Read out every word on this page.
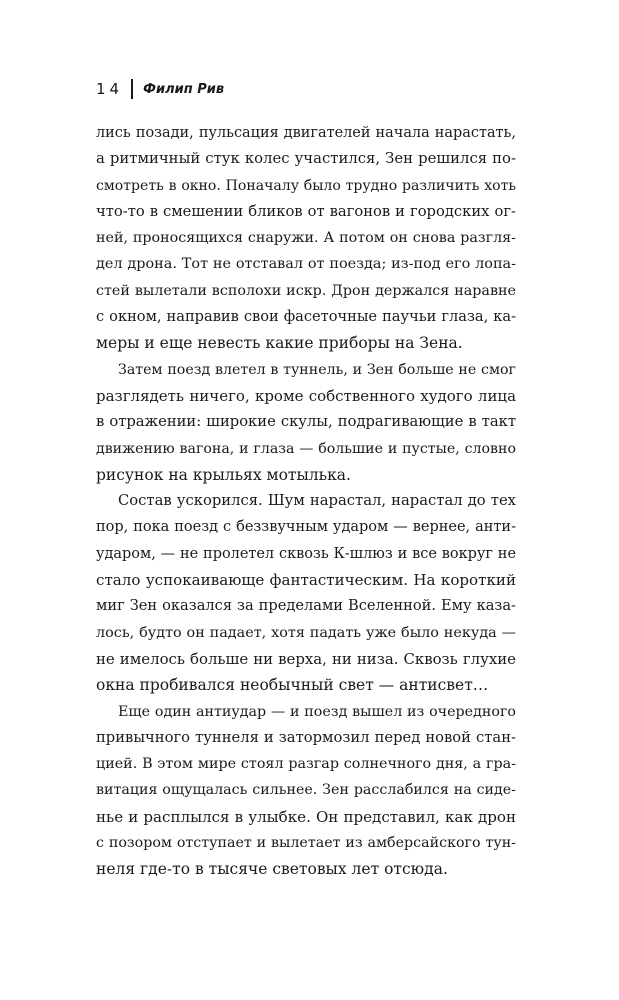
14 Филип Рив
лись позади, пульсация двигателей начала нарастать,
а ритмичный стук колес участился, Зен решился по-
смотреть в окно. Поначалу было трудно различить хоть
что-то в смешении бликов от вагонов и городских ог-
ней, проносящихся снаружи. А потом он снова разгля-
дел дрона. Тот не отставал от поезда; из-под его лопа-
стей вылетали всполохи искр. Дрон держался наравне
с окном, направив свои фасеточные паучьи глаза, ка-
меры и еще невесть какие приборы на Зена.
Затем поезд влетел в туннель, и Зен больше не смог
разглядеть ничего, кроме собственного худого лица
в отражении: широкие скулы, подрагивающие в такт
движению вагона, и глаза — большие и пустые, словно
рисунок на крыльях мотылька.
Состав ускорился. Шум нарастал, нарастал до тех
пор, пока поезд с беззвучным ударом — вернее, анти-
ударом, — не пролетел сквозь К-шлюз и все вокруг не
стало успокаивающе фантастическим. На короткий
миг Зен оказался за пределами Вселенной. Ему каза-
лось, будто он падает, хотя падать уже было некуда —
не имелось больше ни верха, ни низа. Сквозь глухие
окна пробивался необычный свет — антисвет…
Еще один антиудар — и поезд вышел из очередного
привычного туннеля и затормозил перед новой стан-
цией. В этом мире стоял разгар солнечного дня, а гра-
витация ощущалась сильнее. Зен расслабился на сиде-
нье и расплылся в улыбке. Он представил, как дрон
с позором отступает и вылетает из амберсайского тун-
неля где-то в тысяче световых лет отсюда.
